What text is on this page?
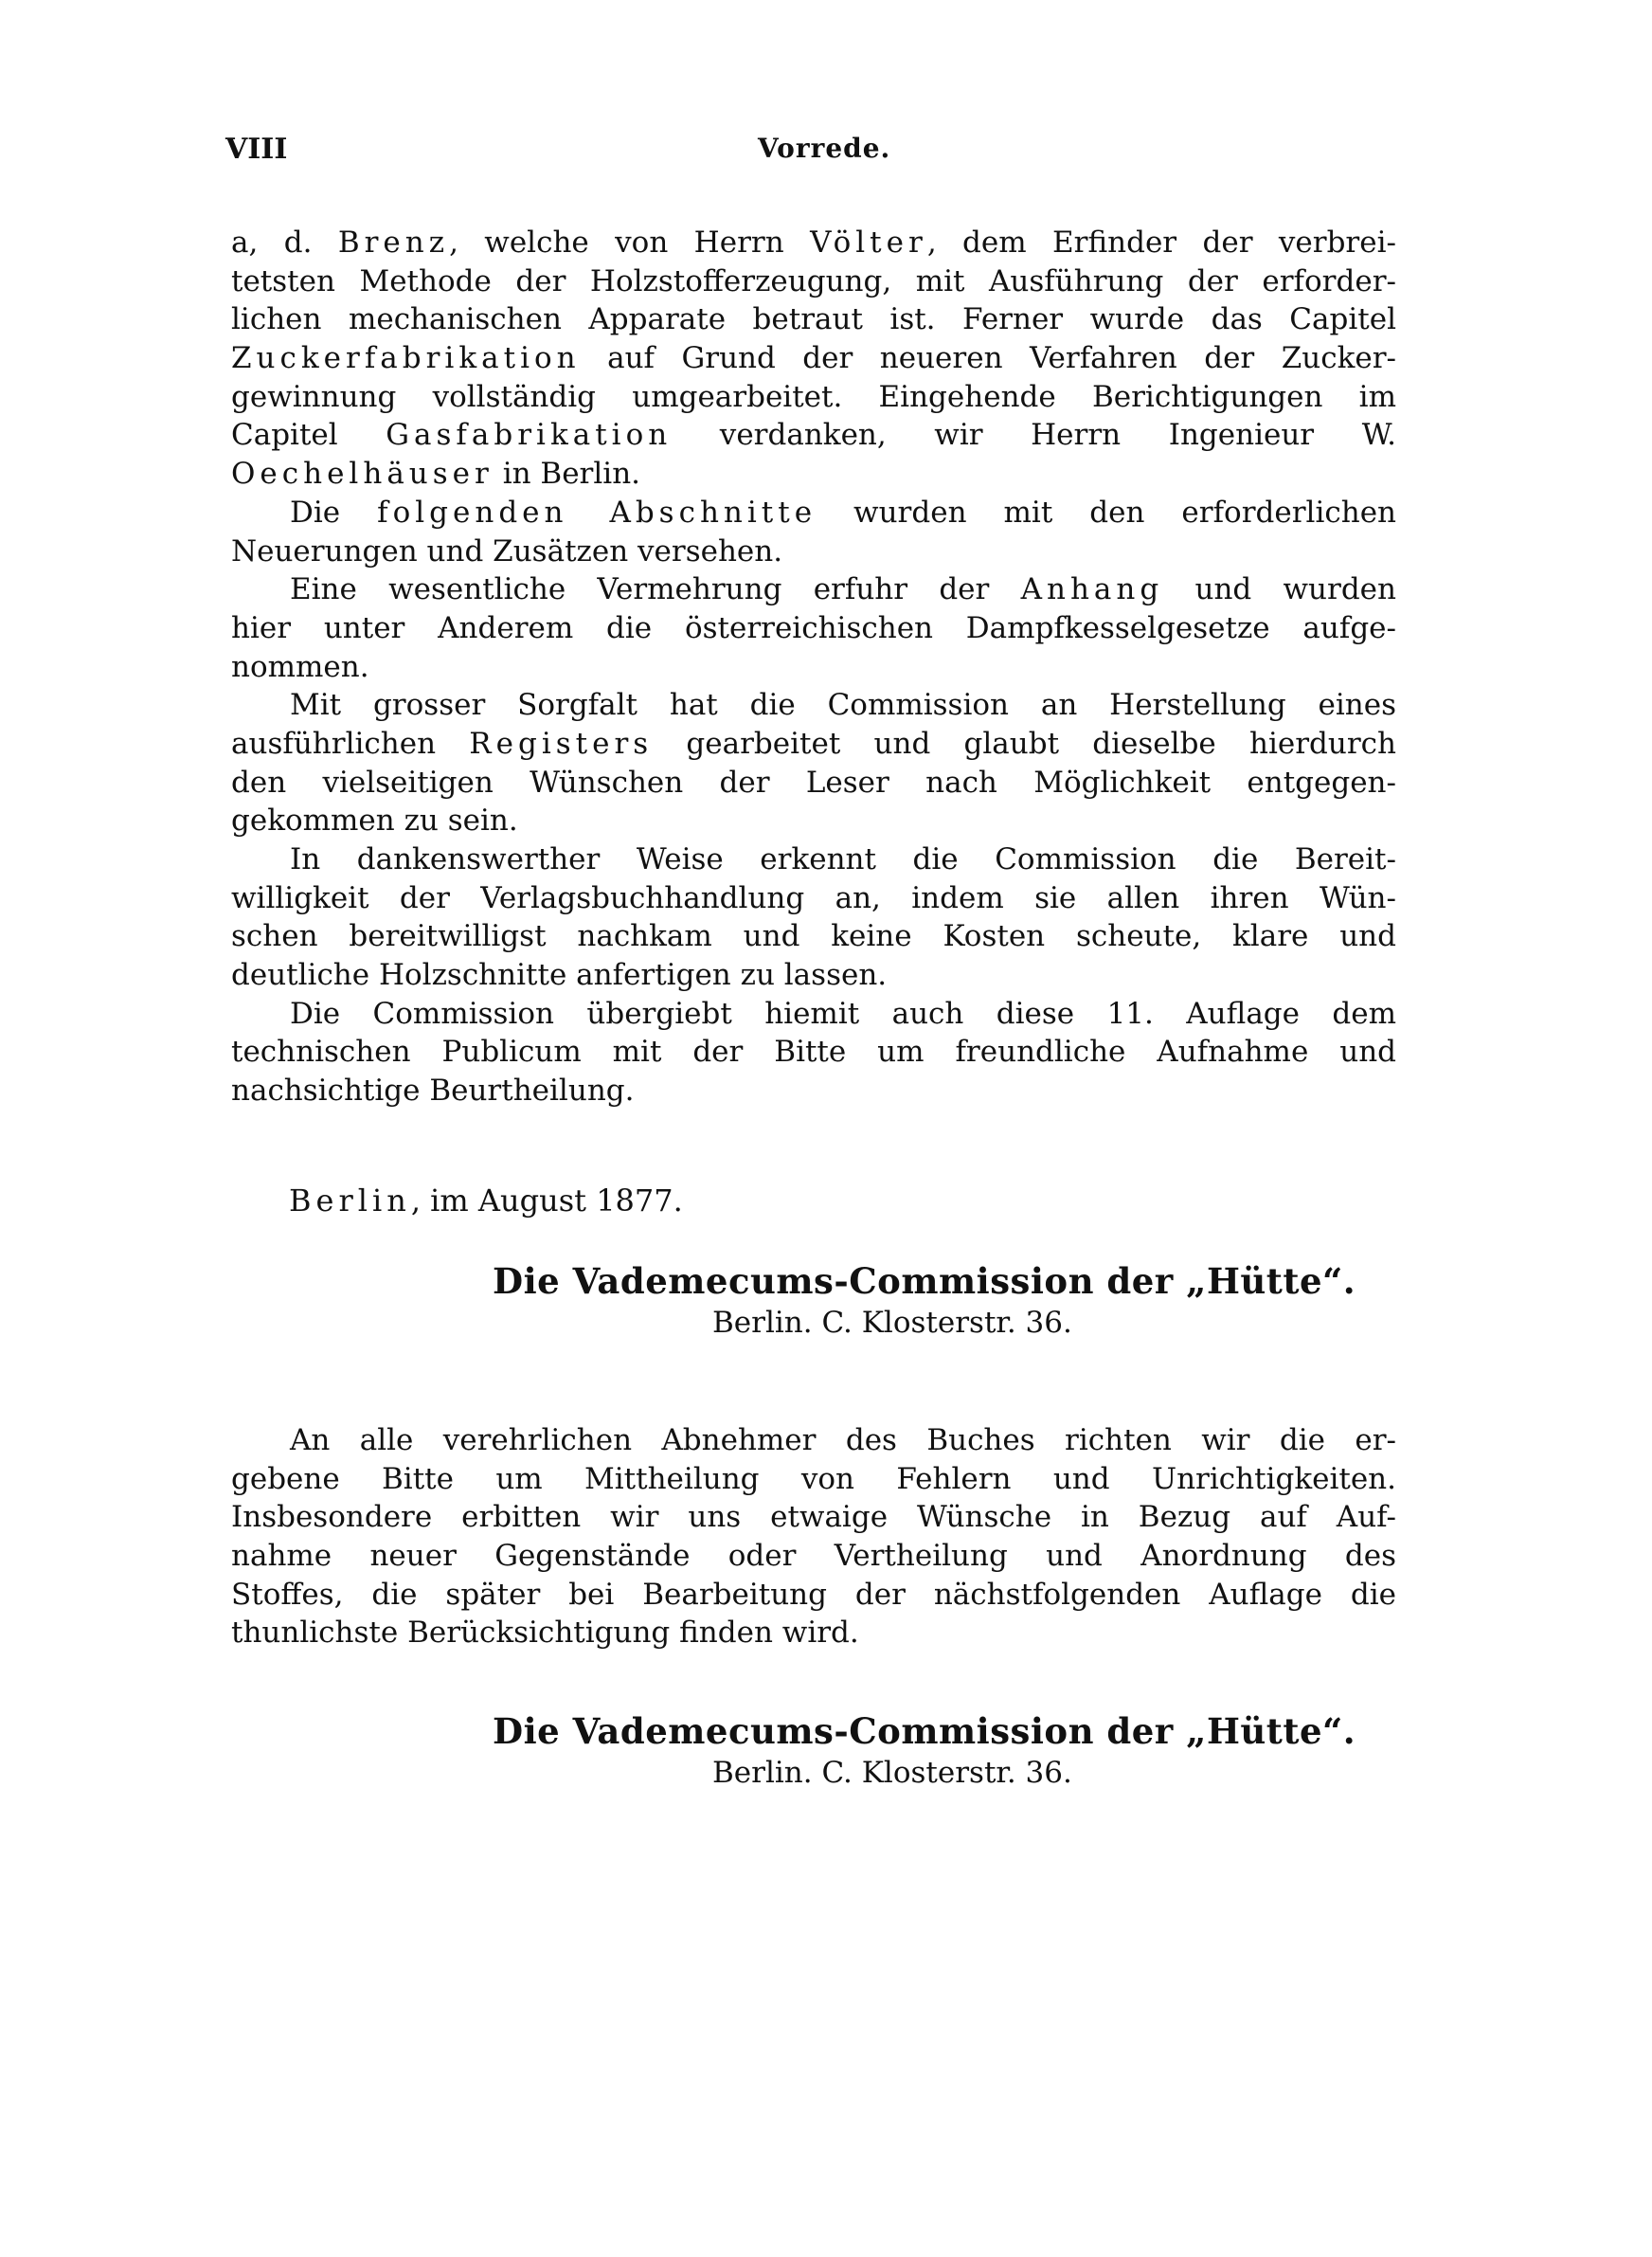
VIII	Vorrede.
a, d. Brenz, welche von Herrn Völter, dem Erfinder der verbrei-
tetsten Methode der Holzstofferzeugung, mit Ausführung der erforder-
lichen mechanischen Apparate betraut ist. Ferner wurde das Capitel
Zuckerfabrikation auf Grund der neueren Verfahren der Zucker-
gewinnung vollständig umgearbeitet. Eingehende Berichtigungen im
Capitel Gasfabrikation verdanken, wir Herrn Ingenieur W.
Oechelhäuser in Berlin.
Die folgenden Abschnitte wurden mit den erforderlichen
Neuerungen und Zusätzen versehen.
Eine wesentliche Vermehrung erfuhr der Anhang und wurden
hier unter Anderem die österreichischen Dampfkesselgesetze aufge-
nommen.
Mit grosser Sorgfalt hat die Commission an Herstellung eines
ausführlichen Registers gearbeitet und glaubt dieselbe hierdurch
den vielseitigen Wünschen der Leser nach Möglichkeit entgegen-
gekommen zu sein.
In dankenswerther Weise erkennt die Commission die Bereit-
willigkeit der Verlagsbuchhandlung an, indem sie allen ihren Wün-
schen bereitwilligst nachkam und keine Kosten scheute, klare und
deutliche Holzschnitte anfertigen zu lassen.
Die Commission übergiebt hiemit auch diese 11. Auflage dem
technischen Publicum mit der Bitte um freundliche Aufnahme und
nachsichtige Beurtheilung.
Berlin, im August 1877.
Die Vademecums-Commission der „Hütte“.
Berlin. C. Klosterstr. 36.
An alle verehrlichen Abnehmer des Buches richten wir die er-
gebene Bitte um Mittheilung von Fehlern und Unrichtigkeiten.
Insbesondere erbitten wir uns etwaige Wünsche in Bezug auf Auf-
nahme neuer Gegenstände oder Vertheilung und Anordnung des
Stoffes, die später bei Bearbeitung der nächstfolgenden Auflage die
thunlichste Berücksichtigung finden wird.
Die Vademecums-Commission der „Hütte“.
Berlin. C. Klosterstr. 36.
